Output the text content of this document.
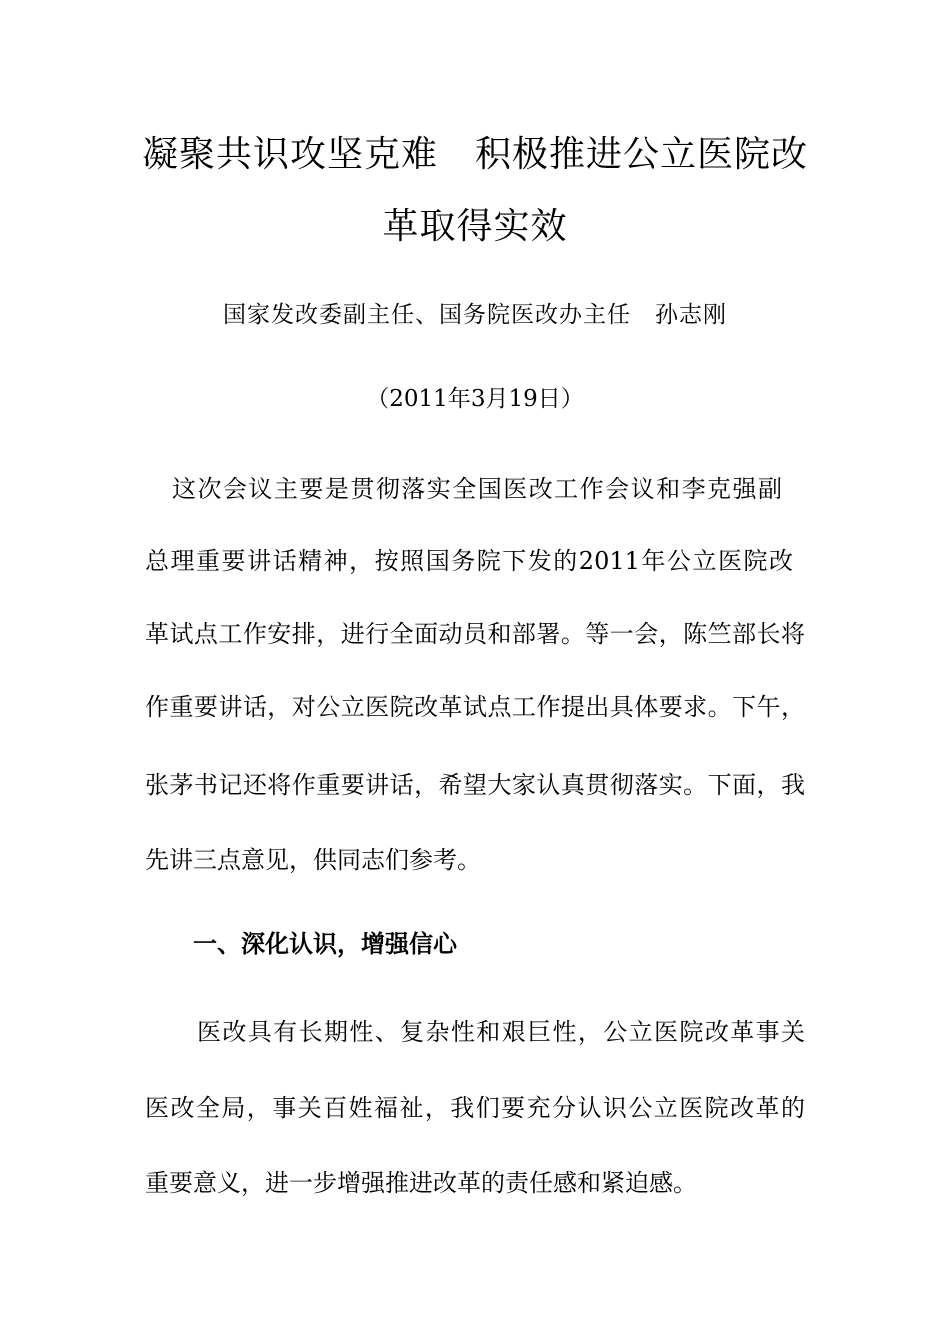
凝聚共识攻坚克难　积极推进公立医院改
革取得实效
国家发改委副主任、国务院医改办主任　孙志刚
（2011年3月19日）
这次会议主要是贯彻落实全国医改工作会议和李克强副
总理重要讲话精神，按照国务院下发的2011年公立医院改
革试点工作安排，进行全面动员和部署。等一会，陈竺部长将
作重要讲话，对公立医院改革试点工作提出具体要求。下午，
张茅书记还将作重要讲话，希望大家认真贯彻落实。下面，我
先讲三点意见，供同志们参考。
一、深化认识，增强信心
医改具有长期性、复杂性和艰巨性，公立医院改革事关
医改全局，事关百姓福祉，我们要充分认识公立医院改革的
重要意义，进一步增强推进改革的责任感和紧迫感。
